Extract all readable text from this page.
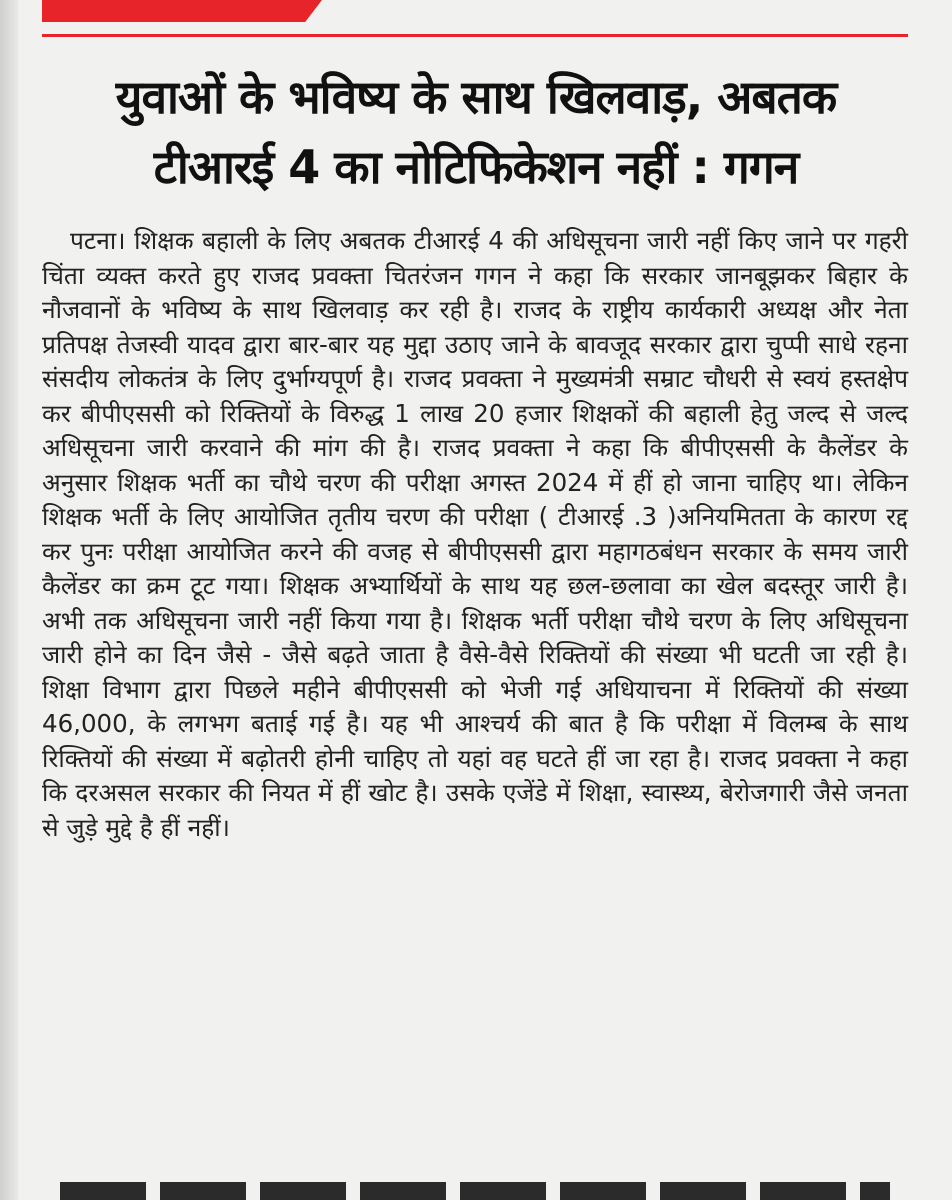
युवाओं के भविष्य के साथ खिलवाड़, अबतक
टीआरई 4 का नोटिफिकेशन नहीं : गगन

पटना। शिक्षक बहाली के लिए अबतक टीआरई 4 की अधिसूचना जारी नहीं किए जाने पर गहरी चिंता व्यक्त करते हुए राजद प्रवक्ता चितरंजन गगन ने कहा कि सरकार जानबूझकर बिहार के नौजवानों के भविष्य के साथ खिलवाड़ कर रही है। राजद के राष्ट्रीय कार्यकारी अध्यक्ष और नेता प्रतिपक्ष तेजस्वी यादव द्वारा बार-बार यह मुद्दा उठाए जाने के बावजूद सरकार द्वारा चुप्पी साधे रहना संसदीय लोकतंत्र के लिए दुर्भाग्यपूर्ण है। राजद प्रवक्ता ने मुख्यमंत्री सम्राट चौधरी से स्वयं हस्तक्षेप कर बीपीएससी को रिक्तियों के विरुद्ध 1 लाख 20 हजार शिक्षकों की बहाली हेतु जल्द से जल्द अधिसूचना जारी करवाने की मांग की है। राजद प्रवक्ता ने कहा कि बीपीएससी के कैलेंडर के अनुसार शिक्षक भर्ती का चौथे चरण की परीक्षा अगस्त 2024 में हीं हो जाना चाहिए था। लेकिन शिक्षक भर्ती के लिए आयोजित तृतीय चरण की परीक्षा ( टीआरई .3 )अनियमितता के कारण रद्द कर पुनः परीक्षा आयोजित करने की वजह से बीपीएससी द्वारा महागठबंधन सरकार के समय जारी कैलेंडर का क्रम टूट गया। शिक्षक अभ्यार्थियों के साथ यह छल-छलावा का खेल बदस्तूर जारी है। अभी तक अधिसूचना जारी नहीं किया गया है। शिक्षक भर्ती परीक्षा चौथे चरण के लिए अधिसूचना जारी होने का दिन जैसे - जैसे बढ़ते जाता है वैसे-वैसे रिक्तियों की संख्या भी घटती जा रही है। शिक्षा विभाग द्वारा पिछले महीने बीपीएससी को भेजी गई अधियाचना में रिक्तियों की संख्या 46,000, के लगभग बताई गई है। यह भी आश्चर्य की बात है कि परीक्षा में विलम्ब के साथ रिक्तियों की संख्या में बढ़ोतरी होनी चाहिए तो यहां वह घटते हीं जा रहा है। राजद प्रवक्ता ने कहा कि दरअसल सरकार की नियत में हीं खोट है। उसके एजेंडे में शिक्षा, स्वास्थ्य, बेरोजगारी जैसे जनता से जुड़े मुद्दे है हीं नहीं।
